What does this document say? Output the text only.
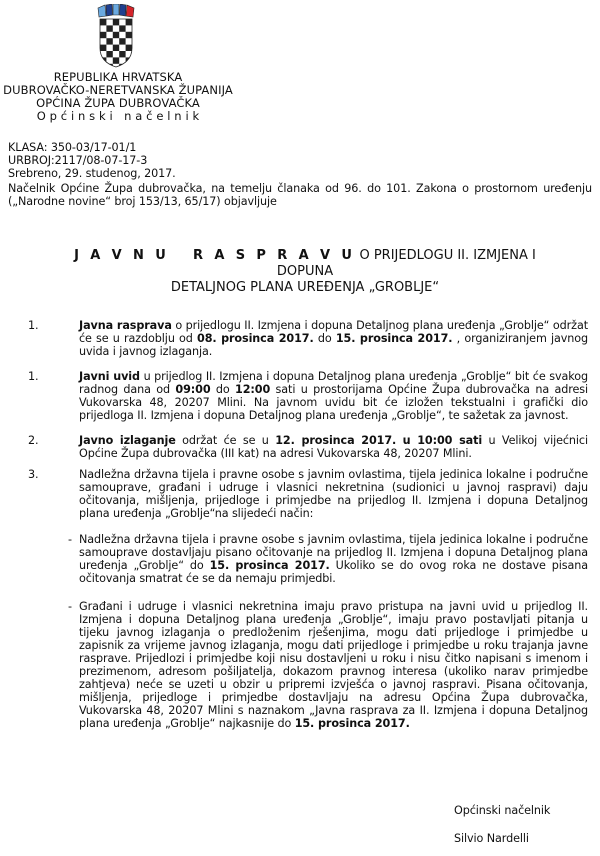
REPUBLIKA HRVATSKA
DUBROVAČKO-NERETVANSKA ŽUPANIJA
OPĆINA ŽUPA DUBROVAČKA
O p ć i n s k i   n a č e l n i k
KLASA: 350-03/17-01/1
URBROJ:2117/08-07-17-3
Srebreno, 29. studenog, 2017.
Načelnik Općine Župa dubrovačka, na temelju članaka od 96. do 101. Zakona o prostornom uređenju („Narodne novine“ broj 153/13, 65/17) objavljuje
J A V N U   R A S P R A V U O PRIJEDLOGU II. IZMJENA I DOPUNA
DETALJNOG PLANA UREĐENJA „GROBLJE“
1.	Javna rasprava o prijedlogu II. Izmjena i dopuna Detaljnog plana uređenja „Groblje“ održat će se u razdoblju od 08. prosinca 2017. do 15. prosinca 2017. , organiziranjem javnog uvida i javnog izlaganja.
1.	Javni uvid u prijedlog II. Izmjena i dopuna Detaljnog plana uređenja „Groblje“ bit će svakog radnog dana od 09:00 do 12:00 sati u prostorijama Općine Župa dubrovačka na adresi Vukovarska 48, 20207 Mlini. Na javnom uvidu bit će izložen tekstualni i grafički dio prijedloga II. Izmjena i dopuna Detaljnog plana uređenja „Groblje“, te sažetak za javnost.
2.	Javno izlaganje održat će se u 12. prosinca 2017. u 10:00 sati u Velikoj vijećnici Općine Župa dubrovačka (III kat) na adresi Vukovarska 48, 20207 Mlini.
3.	Nadležna državna tijela i pravne osobe s javnim ovlastima, tijela jedinica lokalne i područne samouprave, građani i udruge i vlasnici nekretnina (sudionici u javnoj raspravi) daju očitovanja, mišljenja, prijedloge i primjedbe na prijedlog II. Izmjena i dopuna Detaljnog plana uređenja „Groblje“na slijedeći način:
- Nadležna državna tijela i pravne osobe s javnim ovlastima, tijela jedinica lokalne i područne samouprave dostavljaju pisano očitovanje na prijedlog II. Izmjena i dopuna Detaljnog plana uređenja „Groblje“ do 15. prosinca 2017. Ukoliko se do ovog roka ne dostave pisana očitovanja smatrat će se da nemaju primjedbi.
- Građani i udruge i vlasnici nekretnina imaju pravo pristupa na javni uvid u prijedlog II. Izmjena i dopuna Detaljnog plana uređenja „Groblje“, imaju pravo postavljati pitanja u tijeku javnog izlaganja o predloženim rješenjima, mogu dati prijedloge i primjedbe u zapisnik za vrijeme javnog izlaganja, mogu dati prijedloge i primjedbe u roku trajanja javne rasprave. Prijedlozi i primjedbe koji nisu dostavljeni u roku i nisu čitko napisani s imenom i prezimenom, adresom pošiljatelja, dokazom pravnog interesa (ukoliko narav primjedbe zahtjeva) neće se uzeti u obzir u pripremi izvješća o javnoj raspravi. Pisana očitovanja, mišljenja, prijedloge i primjedbe dostavljaju na adresu Općina Župa dubrovačka, Vukovarska 48, 20207 Mlini s naznakom „Javna rasprava za II. Izmjena i dopuna Detaljnog plana uređenja „Groblje“ najkasnije do 15. prosinca 2017.
Općinski načelnik
Silvio Nardelli
